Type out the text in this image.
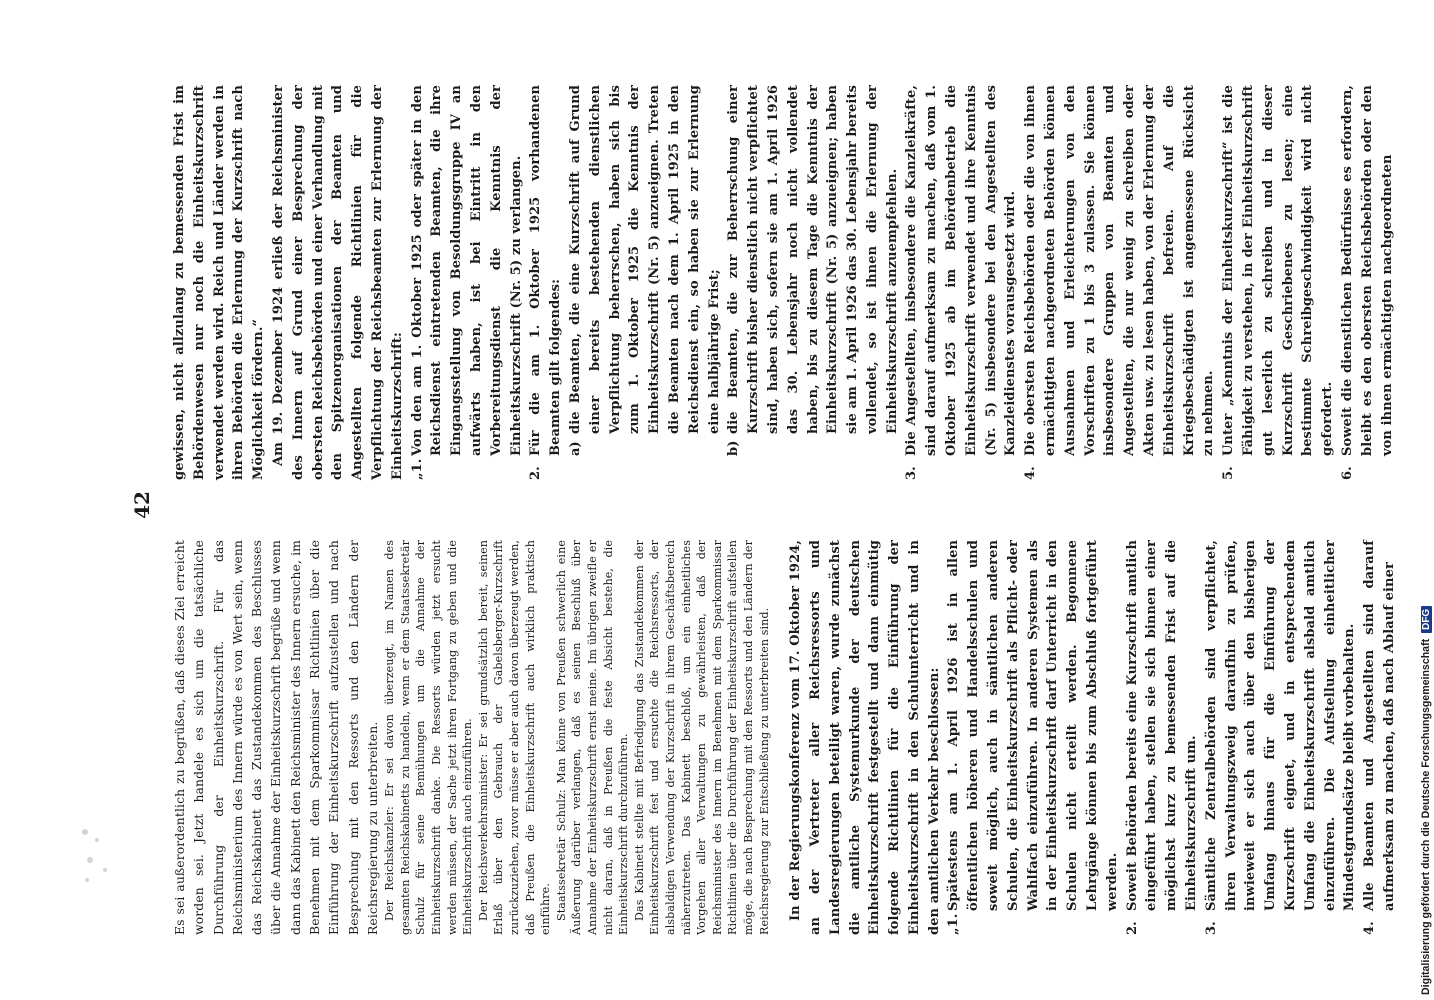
42

Es sei außerordentlich zu begrüßen, daß dieses Ziel erreicht worden sei. Jetzt handele es sich um die tatsächliche Durchführung der Einheitskurzschrift. Für das Reichsministerium des Innern würde es von Wert sein, wenn das Reichskabinett das Zustandekommen des Beschlusses über die Annahme der Einheitskurzschrift begrüße und wenn dann das Kabinett den Reichsminister des Innern ersuche, im Benehmen mit dem Sparkommissar Richtlinien über die Einführung der Einheitskurzschrift aufzustellen und nach Besprechung mit den Ressorts und den Ländern der Reichsregierung zu unterbreiten. Der Reichskanzler: Er sei davon überzeugt, im Namen des gesamten Reichskabinetts zu handeln, wenn er dem Staatssekretär Schulz für seine Bemühungen um die Annahme der Einheitskurzschrift danke. Die Ressorts würden jetzt ersucht werden müssen, der Sache jetzt ihren Fortgang zu geben und die Einheitskurzschrift auch einzuführen. Der Reichsverkehrsminister: Er sei grundsätzlich bereit, seinen Erlaß über den Gebrauch der Gabelsberger-Kurzschrift zurückzuziehen, zuvor müsse er aber auch davon überzeugt werden, daß Preußen die Einheitskurzschrift auch wirklich praktisch einführe. Staatssekretär Schulz: Man könne von Preußen schwerlich eine Äußerung darüber verlangen, daß es seinen Beschluß über Annahme der Einheitskurzschrift ernst meine. Im übrigen zweifle er nicht daran, daß in Preußen die feste Absicht bestehe, die Einheitskurzschrift durchzuführen. Das Kabinett stellte mit Befriedigung das Zustandekommen der Einheitskurzschrift fest und ersuchte die Reichsressorts, der alsbaldigen Verwendung der Kurzschrift in ihrem Geschäftsbereich näherzutreten. Das Kabinett beschloß, um ein einheitliches Vorgehen aller Verwaltungen zu gewährleisten, daß der Reichsminister des Innern im Benehmen mit dem Sparkommissar Richtlinien über die Durchführung der Einheitskurzschrift aufstellen möge, die nach Besprechung mit den Ressorts und den Ländern der Reichsregierung zur Entschließung zu unterbreiten sind. In der Regierungskonferenz vom 17. Oktober 1924, an der Vertreter aller Reichsressorts und Landesregierungen beteiligt waren, wurde zunächst die amtliche Systemurkunde der deutschen Einheitskurzschrift festgestellt und dann einmütig folgende Richtlinien für die Einführung der Einheitskurzschrift in den Schulunterricht und in den amtlichen Verkehr beschlossen: „1.
Spätestens am 1. April 1926 ist in allen öffentlichen höheren und Handelsschulen und soweit möglich, auch in sämtlichen anderen Schulen, die Einheitskurzschrift als Pflicht- oder Wahlfach einzuführen. In anderen Systemen als in der Einheitskurzschrift darf Unterricht in den Schulen nicht erteilt werden. Begonnene Lehrgänge können bis zum Abschluß fortgeführt werden.
2.
Soweit Behörden bereits eine Kurzschrift amtlich eingeführt haben, stellen sie sich binnen einer möglichst kurz zu bemessenden Frist auf die Einheitskurzschrift um.
3.
Sämtliche Zentralbehörden sind verpflichtet, ihren Verwaltungszweig daraufhin zu prüfen, inwieweit er sich auch über den bisherigen Umfang hinaus für die Einführung der Kurzschrift eignet, und in entsprechendem Umfang die Einheitskurzschrift alsbald amtlich einzuführen. Die Aufstellung einheitlicher Mindestgrundsätze bleibt vorbehalten.
4.
Alle Beamten und Angestellten sind darauf aufmerksam zu machen, daß nach Ablauf einer

gewissen, nicht allzulang zu bemessenden Frist im Behördenwesen nur noch die Einheitskurzschrift verwendet werden wird. Reich und Länder werden in ihren Behörden die Erlernung der Kurzschrift nach Möglichkeit fördern.“ Am 19. Dezember 1924 erließ der Reichsminister des Innern auf Grund einer Besprechung der obersten Reichsbehörden und einer Verhandlung mit den Spitzenorganisationen der Beamten und Angestellten folgende Richtlinien für die Verpflichtung der Reichsbeamten zur Erlernung der Einheitskurzschrift: „1.
Von den am 1. Oktober 1925 oder später in den Reichsdienst eintretenden Beamten, die ihre Eingangsstellung von Besoldungsgruppe IV an aufwärts haben, ist bei Eintritt in den Vorbereitungsdienst die Kenntnis der Einheitskurzschrift (Nr. 5) zu verlangen.
2.
Für die am 1. Oktober 1925 vorhandenen Beamten gilt folgendes: a)
die Beamten, die eine Kurzschrift auf Grund einer bereits bestehenden dienstlichen Verpflichtung beherrschen, haben sich bis zum 1. Oktober 1925 die Kenntnis der Einheitskurzschrift (Nr. 5) anzueignen. Treten die Beamten nach dem 1. April 1925 in den Reichsdienst ein, so haben sie zur Erlernung eine halbjährige Frist;
b)
die Beamten, die zur Beherrschung einer Kurzschrift bisher dienstlich nicht verpflichtet sind, haben sich, sofern sie am 1. April 1926 das 30. Lebensjahr noch nicht vollendet haben, bis zu diesem Tage die Kenntnis der Einheitskurzschrift (Nr. 5) anzueignen; haben sie am 1. April 1926 das 30. Lebensjahr bereits vollendet, so ist ihnen die Erlernung der Einheitskurzschrift anzuempfehlen.
3.
Die Angestellten, insbesondere die Kanzleikräfte, sind darauf aufmerksam zu machen, daß vom 1. Oktober 1925 ab im Behördenbetrieb die Einheitskurzschrift verwendet und ihre Kenntnis (Nr. 5) insbesondere bei den Angestellten des Kanzleidienstes vorausgesetzt wird.
4.
Die obersten Reichsbehörden oder die von ihnen ermächtigten nachgeordneten Behörden können Ausnahmen und Erleichterungen von den Vorschriften zu 1 bis 3 zulassen. Sie können insbesondere Gruppen von Beamten und Angestellten, die nur wenig zu schreiben oder Akten usw. zu lesen haben, von der Erlernung der Einheitskurzschrift befreien. Auf die Kriegsbeschädigten ist angemessene Rücksicht zu nehmen.
5.
Unter „Kenntnis der Einheitskurzschrift“ ist die Fähigkeit zu verstehen, in der Einheitskurzschrift gut leserlich zu schreiben und in dieser Kurzschrift Geschriebenes zu lesen; eine bestimmte Schreibgeschwindigkeit wird nicht gefordert.
6.
Soweit die dienstlichen Bedürfnisse es erfordern, bleibt es den obersten Reichsbehörden oder den von ihnen ermächtigten nachgeordneten
Digitalisierung gefördert durch die Deutsche Forschungsgemeinschaft DFG
